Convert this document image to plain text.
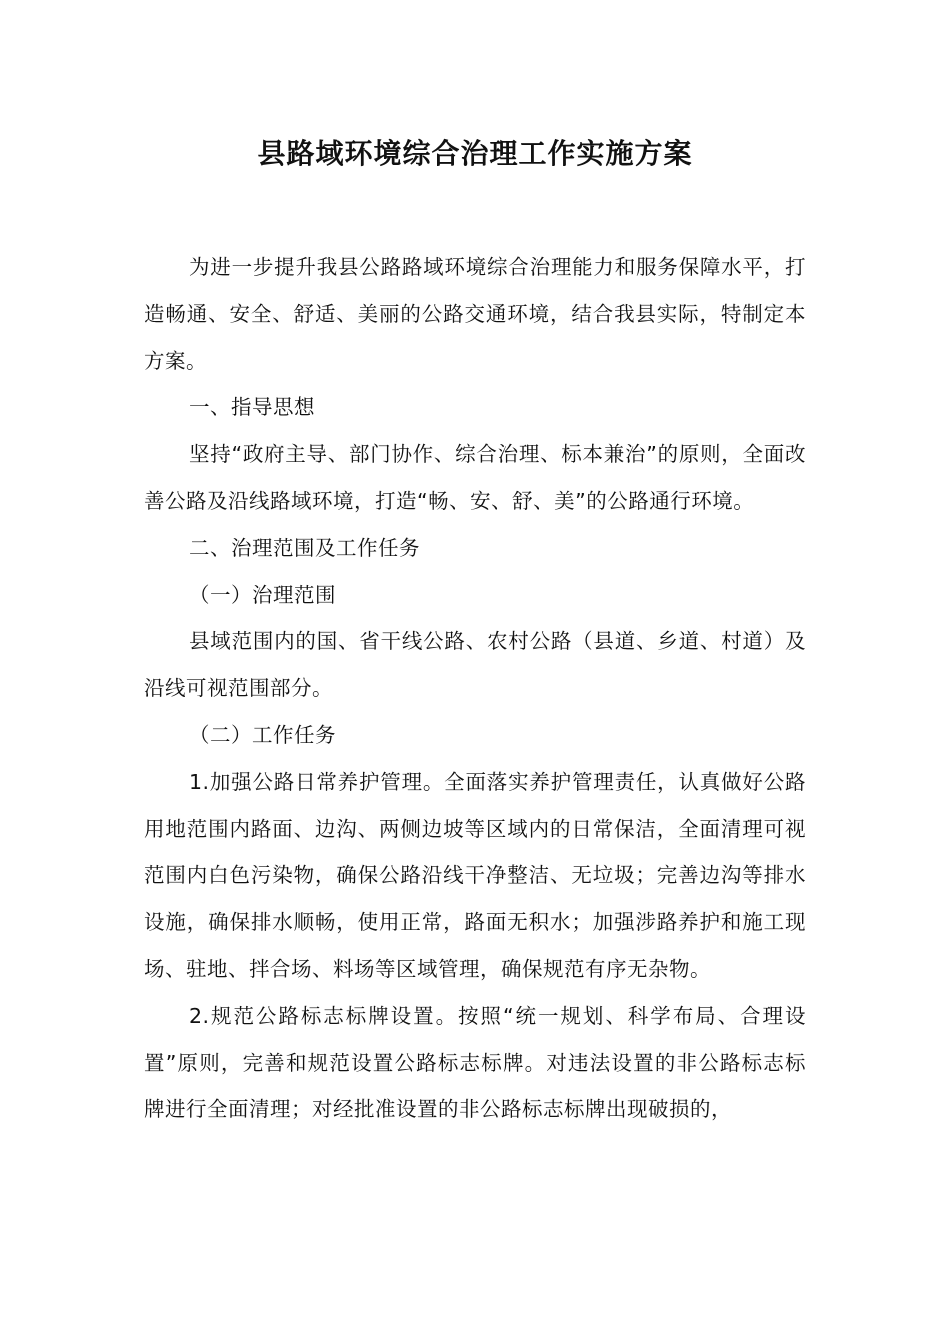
县路域环境综合治理工作实施方案

为进一步提升我县公路路域环境综合治理能力和服务保障水平，打造畅通、安全、舒适、美丽的公路交通环境，结合我县实际，特制定本方案。

一、指导思想

坚持“政府主导、部门协作、综合治理、标本兼治”的原则，全面改善公路及沿线路域环境，打造“畅、安、舒、美”的公路通行环境。

二、治理范围及工作任务

（一）治理范围

县域范围内的国、省干线公路、农村公路（县道、乡道、村道）及沿线可视范围部分。

（二）工作任务

1.加强公路日常养护管理。全面落实养护管理责任，认真做好公路用地范围内路面、边沟、两侧边坡等区域内的日常保洁，全面清理可视范围内白色污染物，确保公路沿线干净整洁、无垃圾；完善边沟等排水设施，确保排水顺畅，使用正常，路面无积水；加强涉路养护和施工现场、驻地、拌合场、料场等区域管理，确保规范有序无杂物。

2.规范公路标志标牌设置。按照“统一规划、科学布局、合理设置”原则，完善和规范设置公路标志标牌。对违法设置的非公路标志标牌进行全面清理；对经批准设置的非公路标志标牌出现破损的，
